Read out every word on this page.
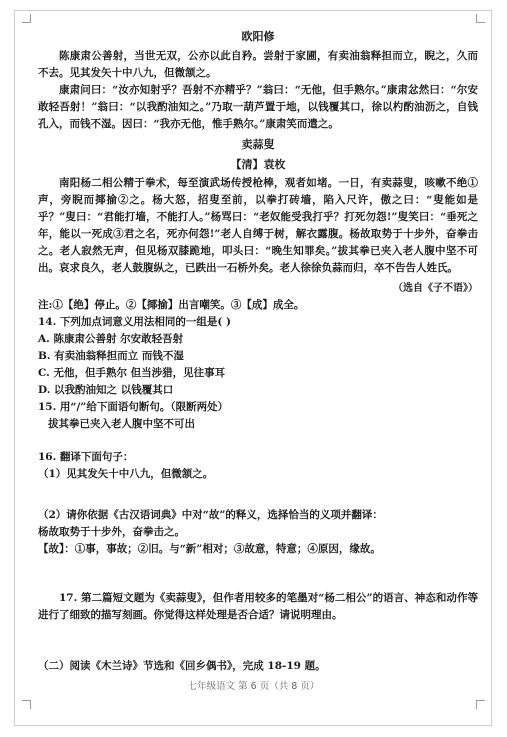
欧阳修

陈康肃公善射，当世无双，公亦以此自矜。尝射于家圃，有卖油翁释担而立，睨之，久而不去。见其发矢十中八九，但微颔之。

康肃问曰：“汝亦知射乎？吾射不亦精乎？”翁曰：“无他，但手熟尔。”康肃忿然曰：“尔安敢轻吾射！”翁曰：“以我酌油知之。”乃取一葫芦置于地，以钱覆其口，徐以杓酌油沥之，自钱孔入，而钱不湿。因曰：“我亦无他，惟手熟尔。”康肃笑而遣之。

卖蒜叟
【清】袁枚

南阳杨二相公精于拳术，每至演武场传授枪棒，观者如堵。一日，有卖蒜叟，咳嗽不绝①声，旁睨而揶揄②之。杨大怒，招叟至前，以拳打砖墙，陷入尺许，傲之曰：“叟能如是乎？”叟曰：“君能打墙，不能打人。”杨骂曰：“老奴能受我打乎？打死勿怨!”叟笑曰：“垂死之年，能以一死成③君之名，死亦何怨!”老人自缚于树，解衣露腹。杨故取势于十步外，奋拳击之。老人寂然无声，但见杨双膝跪地，叩头曰：“晚生知罪矣。”拔其拳已夹入老人腹中坚不可出。哀求良久，老人鼓腹纵之，已跌出一石桥外矣。老人徐徐负蒜而归，卒不告告人姓氏。

（选自《子不语》）

注:①【绝】停止。②【揶揄】出言嘲笑。③【成】成全。

14. 下列加点词意义用法相同的一组是( )

A. 陈康肃公善射 尔安敢轻吾射

B. 有卖油翁释担而立 而钱不湿

C. 无他，但手熟尔 但当涉猎，见往事耳

D. 以我酌油知之 以钱覆其口

15. 用“/”给下面语句断句。（限断两处）

拔其拳已夹入老人腹中坚不可出

16. 翻译下面句子：

（1）见其发矢十中八九，但微颔之。

（2）请你依据《古汉语词典》中对“故”的释义，选择恰当的义项并翻译：

杨故取势于十步外，奋拳击之。

【故】：①事，事故；②旧。与“新”相对；③故意，特意；④原因，缘故。

17. 第二篇短文题为《卖蒜叟》，但作者用较多的笔墨对“杨二相公”的语言、神态和动作等进行了细致的描写刻画。你觉得这样处理是否合适？请说明理由。

（二）阅读《木兰诗》节选和《回乡偶书》，完成 18-19 题。

七年级语文 第 6 页（共 8 页）
